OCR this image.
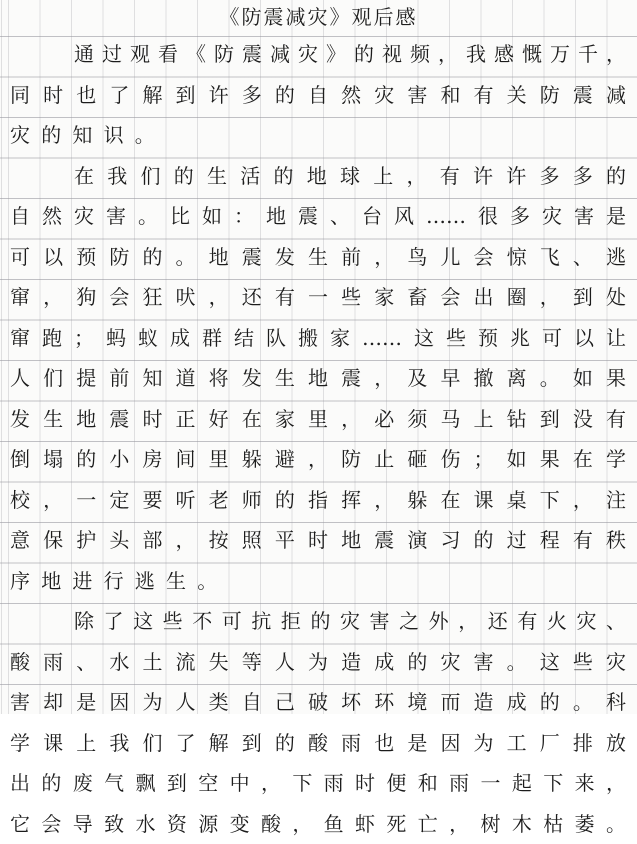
《防震减灾》观后感
通过观看《防震减灾》的视频，我感慨万千，
同时也了解到许多的自然灾害和有关防震减
灾的知识。
在我们的生活的地球上，有许许多多的
自然灾害。比如：地震、台风……很多灾害是
可以预防的。地震发生前，鸟儿会惊飞、逃
窜，狗会狂吠，还有一些家畜会出圈，到处
窜跑；蚂蚁成群结队搬家……这些预兆可以让
人们提前知道将发生地震，及早撤离。如果
发生地震时正好在家里，必须马上钻到没有
倒塌的小房间里躲避，防止砸伤；如果在学
校，一定要听老师的指挥，躲在课桌下，注
意保护头部，按照平时地震演习的过程有秩
序地进行逃生。
除了这些不可抗拒的灾害之外，还有火灾、
酸雨、水土流失等人为造成的灾害。这些灾
害却是因为人类自己破坏环境而造成的。科
学课上我们了解到的酸雨也是因为工厂排放
出的废气飘到空中，下雨时便和雨一起下来，
它会导致水资源变酸，鱼虾死亡，树木枯萎。
